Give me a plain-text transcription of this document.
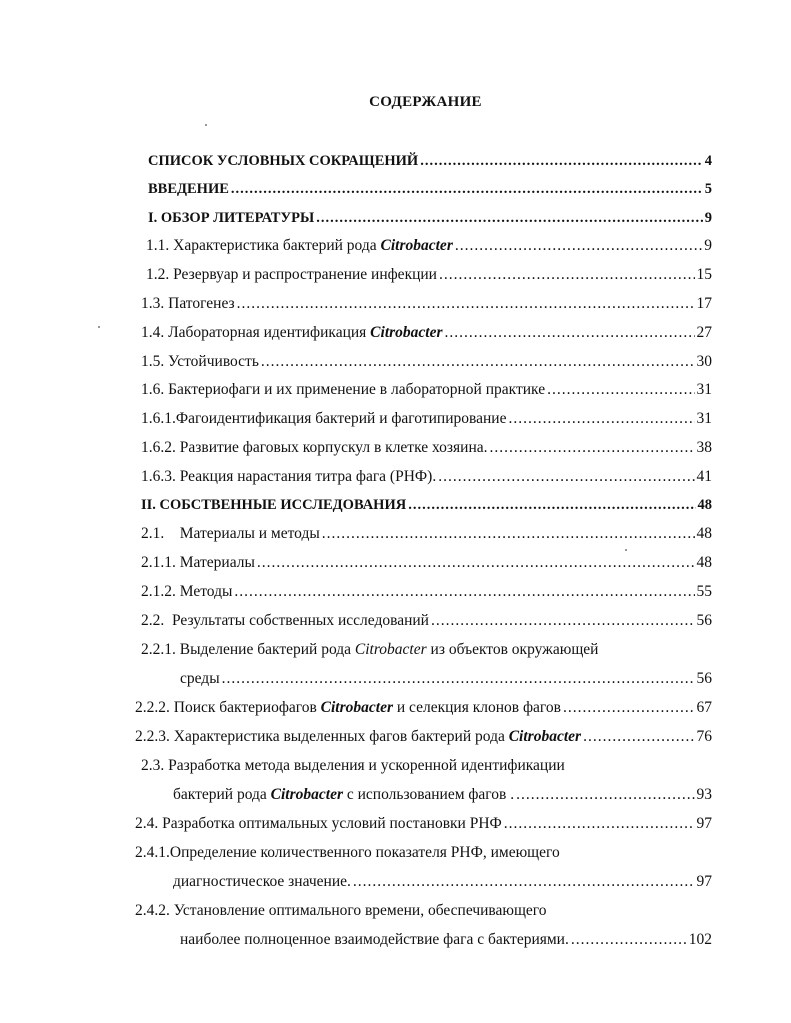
СОДЕРЖАНИЕ
СПИСОК УСЛОВНЫХ СОКРАЩЕНИЙ .....	4
ВВЕДЕНИЕ .....	5
I. ОБЗОР ЛИТЕРАТУРЫ .....	9
1.1. Характеристика бактерий рода Citrobacter .....	9
1.2. Резервуар и распространение инфекции .....	15
1.3. Патогенез .....	17
1.4. Лабораторная идентификация Citrobacter .....	27
1.5. Устойчивость .....	30
1.6. Бактериофаги и их применение в лабораторной практике .....	31
1.6.1.Фагоидентификация бактерий и фаготипирование .....	31
1.6.2. Развитие фаговых корпускул в клетке хозяина. .....	38
1.6.3. Реакция нарастания титра фага (РНФ). .....	41
II. СОБСТВЕННЫЕ ИССЛЕДОВАНИЯ .....	48
2.1.    Материалы и методы .....	48
2.1.1. Материалы .....	48
2.1.2. Методы .....	55
2.2.  Результаты собственных исследований .....	56
2.2.1. Выделение бактерий рода Citrobacter из объектов окружающей
среды .....	56
2.2.2. Поиск бактериофагов Citrobacter и селекция клонов фагов .....	67
2.2.3. Характеристика выделенных фагов бактерий рода Citrobacter .....	76
2.3. Разработка метода выделения и ускоренной идентификации
бактерий рода Citrobacter с использованием фагов . .....	93
2.4. Разработка оптимальных условий постановки РНФ .....	97
2.4.1.Определение количественного показателя РНФ, имеющего
диагностическое значение. .....	97
2.4.2. Установление оптимального времени, обеспечивающего
наиболее полноценное взаимодействие фага с бактериями. .....	102
